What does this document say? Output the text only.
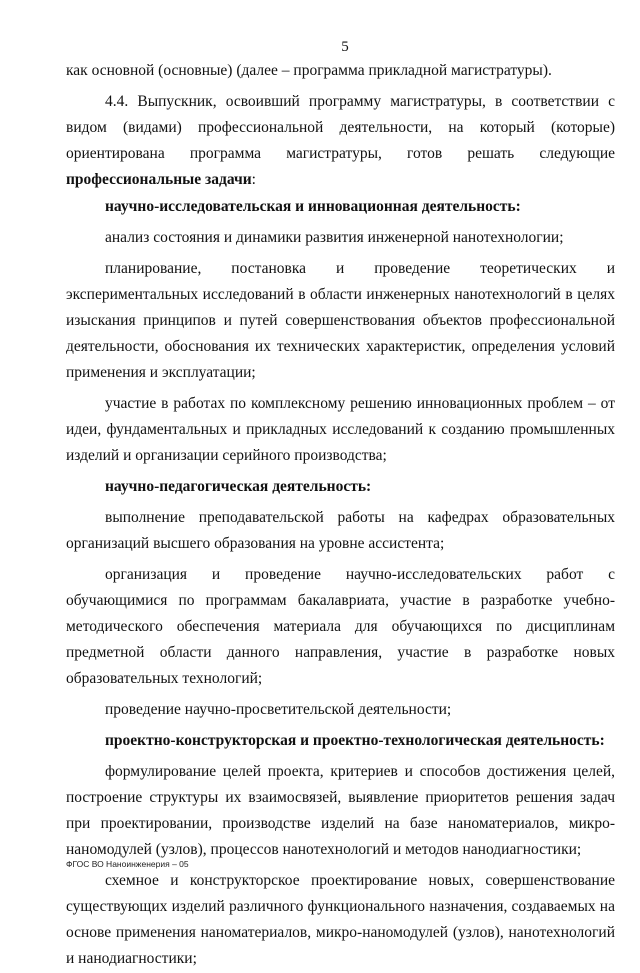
5
как основной (основные) (далее – программа прикладной магистратуры).
4.4. Выпускник, освоивший программу магистратуры, в соответствии с видом (видами) профессиональной деятельности, на который (которые) ориентирована программа магистратуры, готов решать следующие профессиональные задачи:
научно-исследовательская и инновационная деятельность:
анализ состояния и динамики развития инженерной нанотехнологии;
планирование, постановка и проведение теоретических и экспериментальных исследований в области инженерных нанотехнологий в целях изыскания принципов и путей совершенствования объектов профессиональной деятельности, обоснования их технических характеристик, определения условий применения и эксплуатации;
участие в работах по комплексному решению инновационных проблем – от идеи, фундаментальных и прикладных исследований к созданию промышленных изделий и организации серийного производства;
научно-педагогическая деятельность:
выполнение преподавательской работы на кафедрах образовательных организаций высшего образования на уровне ассистента;
организация и проведение научно-исследовательских работ с обучающимися по программам бакалавриата, участие в разработке учебно-методического обеспечения материала для обучающихся по дисциплинам предметной области данного направления, участие в разработке новых образовательных технологий;
проведение научно-просветительской деятельности;
проектно-конструкторская и проектно-технологическая деятельность:
формулирование целей проекта, критериев и способов достижения целей, построение структуры их взаимосвязей, выявление приоритетов решения задач при проектировании, производстве изделий на базе наноматериалов, микро-наномодулей (узлов), процессов нанотехнологий и методов нанодиагностики;
схемное и конструкторское проектирование новых, совершенствование существующих изделий различного функционального назначения, создаваемых на основе применения наноматериалов, микро-наномодулей (узлов), нанотехнологий и нанодиагностики;
ФГОС ВО Наноинженерия – 05
